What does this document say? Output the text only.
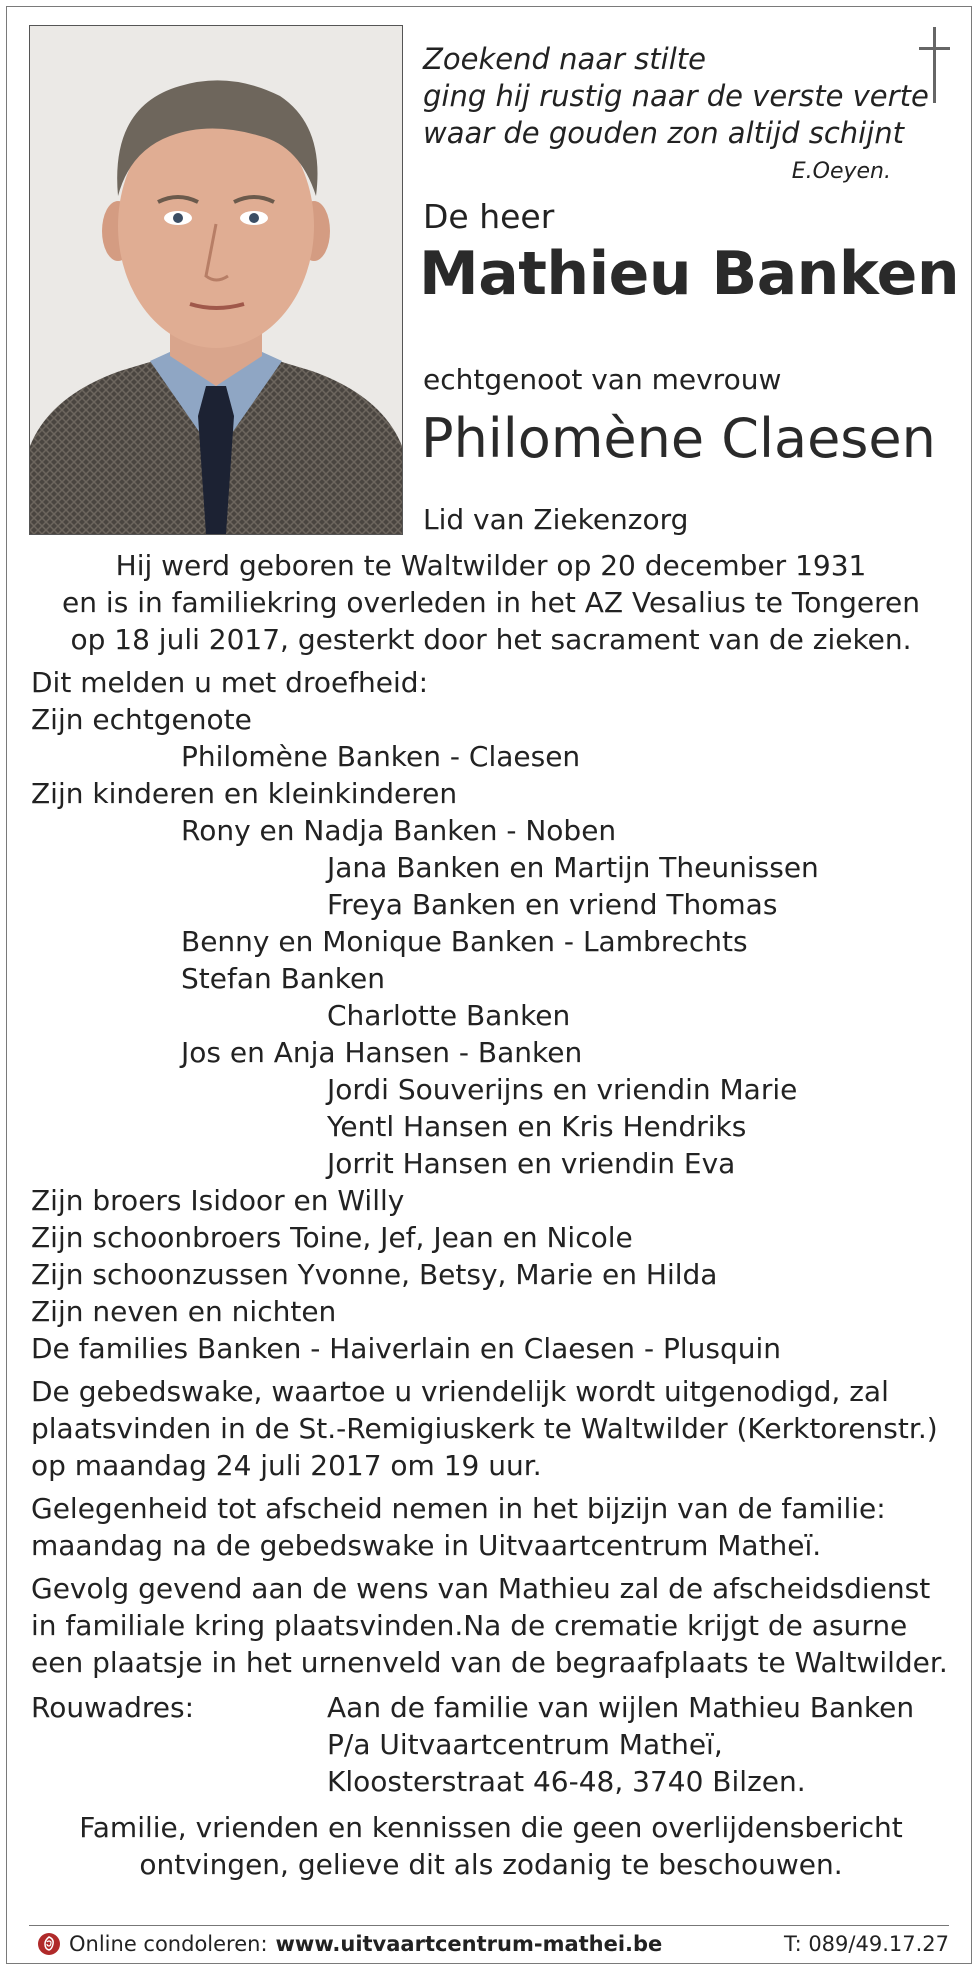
Zoekend naar stilte
ging hij rustig naar de verste verte
waar de gouden zon altijd schijnt
E.Oeyen.
De heer
Mathieu Banken
echtgenoot van mevrouw
Philomène Claesen
Lid van Ziekenzorg
Hij werd geboren te Waltwilder op 20 december 1931
en is in familiekring overleden in het AZ Vesalius te Tongeren
op 18 juli 2017, gesterkt door het sacrament van de zieken.
Dit melden u met droefheid:
Zijn echtgenote
Philomène Banken - Claesen
Zijn kinderen en kleinkinderen
Rony en Nadja Banken - Noben
Jana Banken en Martijn Theunissen
Freya Banken en vriend Thomas
Benny en Monique Banken - Lambrechts
Stefan Banken
Charlotte Banken
Jos en Anja Hansen - Banken
Jordi Souverijns en vriendin Marie
Yentl Hansen en Kris Hendriks
Jorrit Hansen en vriendin Eva
Zijn broers Isidoor en Willy
Zijn schoonbroers Toine, Jef, Jean en Nicole
Zijn schoonzussen Yvonne, Betsy, Marie en Hilda
Zijn neven en nichten
De families Banken - Haiverlain en Claesen - Plusquin
De gebedswake, waartoe u vriendelijk wordt uitgenodigd, zal
plaatsvinden in de St.-Remigiuskerk te Waltwilder (Kerktorenstr.)
op maandag 24 juli 2017 om 19 uur.
Gelegenheid tot afscheid nemen in het bijzijn van de familie:
maandag na de gebedswake in Uitvaartcentrum Matheï.
Gevolg gevend aan de wens van Mathieu zal de afscheidsdienst
in familiale kring plaatsvinden.Na de crematie krijgt de asurne
een plaatsje in het urnenveld van de begraafplaats te Waltwilder.
Rouwadres:	Aan de familie van wijlen Mathieu Banken
P/a Uitvaartcentrum Matheï,
Kloosterstraat 46-48, 3740 Bilzen.
Familie, vrienden en kennissen die geen overlijdensbericht
ontvingen, gelieve dit als zodanig te beschouwen.
Online condoleren: www.uitvaartcentrum-mathei.be	T: 089/49.17.27
